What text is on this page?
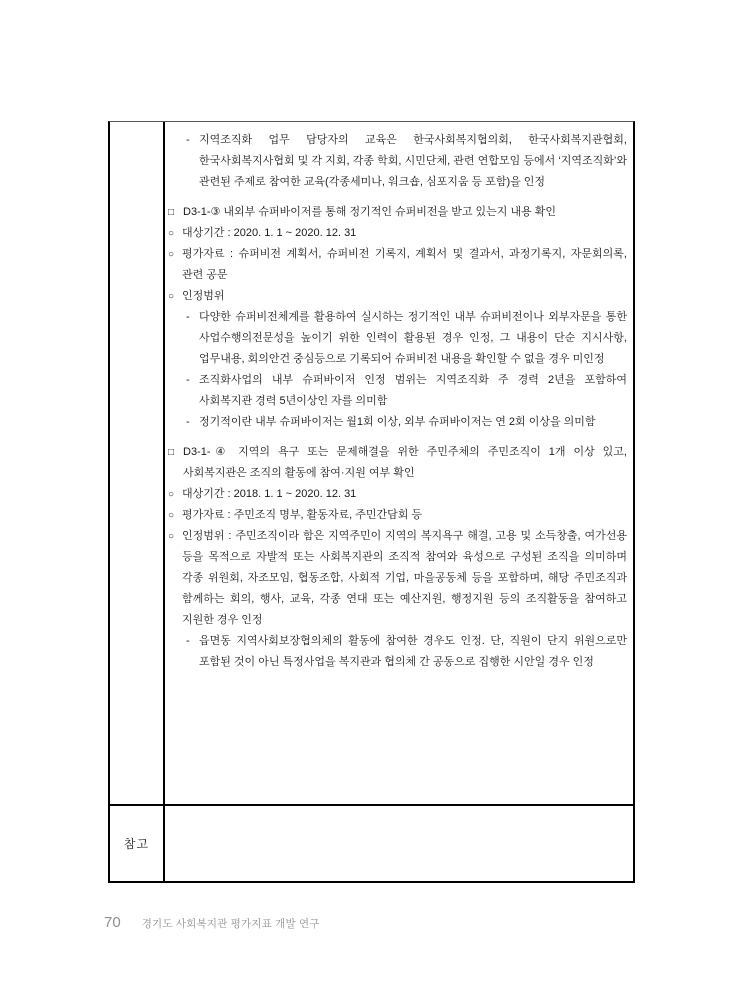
- 지역조직화 업무 담당자의 교육은 한국사회복지협의회, 한국사회복지관협회, 한국사회복지사협회 및 각 지회, 각종 학회, 시민단체, 관련 연합모임 등에서 ‘지역조직화’와 관련된 주제로 참여한 교육(각종세미나, 워크숍, 심포지움 등 포함)을 인정

□ D3-1-③ 내외부 슈퍼바이저를 통해 정기적인 슈퍼비전을 받고 있는지 내용 확인

○ 대상기간 : 2020. 1. 1 ~ 2020. 12. 31

○ 평가자료 : 슈퍼비전 계획서, 슈퍼비전 기록지, 계획서 및 결과서, 과정기록지, 자문회의록, 관련 공문

○ 인정범위

- 다양한 슈퍼비전체계를 활용하여 실시하는 정기적인 내부 슈퍼비전이나 외부자문을 통한 사업수행의전문성을 높이기 위한 인력이 활용된 경우 인정, 그 내용이 단순 지시사항, 업무내용, 회의안건 중심등으로 기록되어 슈퍼비전 내용을 확인할 수 없을 경우 미인정

- 조직화사업의 내부 슈퍼바이저 인정 범위는 지역조직화 주 경력 2년을 포함하여 사회복지관 경력 5년이상인 자를 의미함

- 정기적이란 내부 슈퍼바이저는 월1회 이상, 외부 슈퍼바이저는 연 2회 이상을 의미함

□ D3-1-④ 지역의 욕구 또는 문제해결을 위한 주민주체의 주민조직이 1개 이상 있고, 사회복지관은 조직의 활동에 참여·지원 여부 확인

○ 대상기간 : 2018. 1. 1 ~ 2020. 12. 31

○ 평가자료 : 주민조직 명부, 활동자료, 주민간담회 등

○ 인정범위 : 주민조직이라 함은 지역주민이 지역의 복지욕구 해결, 고용 및 소득창출, 여가선용 등을 목적으로 자발적 또는 사회복지관의 조직적 참여와 육성으로 구성된 조직을 의미하며 각종 위원회, 자조모임, 협동조합, 사회적 기업, 마을공동체 등을 포함하며, 해당 주민조직과 함께하는 회의, 행사, 교육, 각종 연대 또는 예산지원, 행정지원 등의 조직활동을 참여하고 지원한 경우 인정

- 읍면동 지역사회보장협의체의 활동에 참여한 경우도 인정. 단, 직원이 단지 위원으로만 포함된 것이 아닌 특정사업을 복지관과 협의체 간 공동으로 집행한 시안일 경우 인정

참고
70 경기도 사회복지관 평가지표 개발 연구
